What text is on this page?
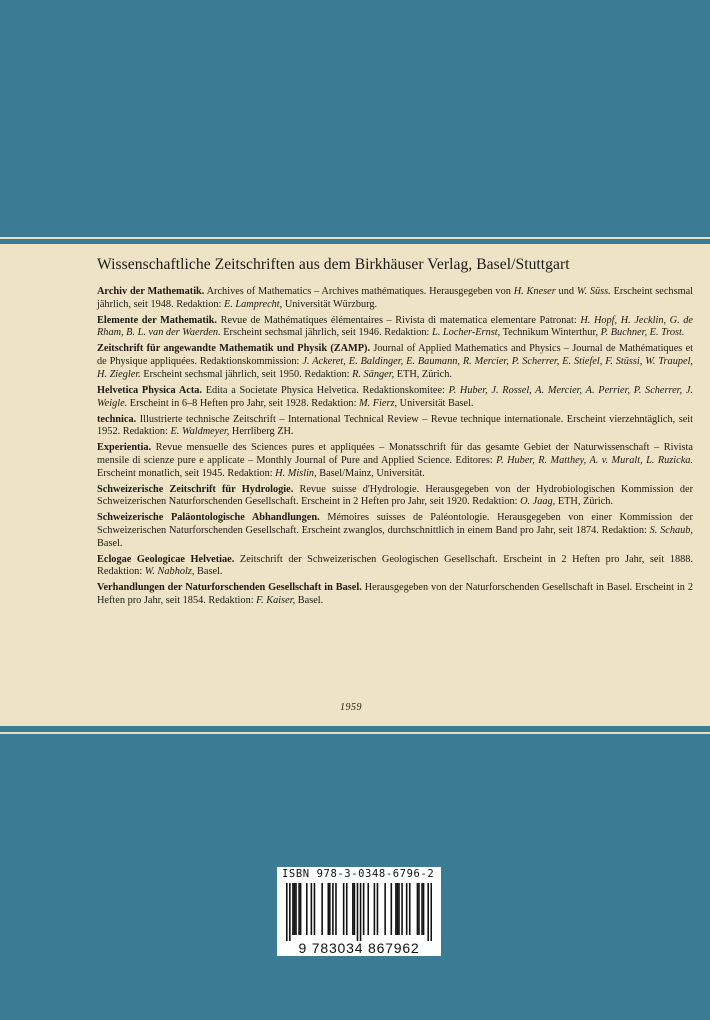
Wissenschaftliche Zeitschriften aus dem Birkhäuser Verlag, Basel/Stuttgart

Archiv der Mathematik. Archives of Mathematics – Archives mathématiques. Herausgegeben von H. Kneser und W. Süss. Erscheint sechsmal jährlich, seit 1948. Redaktion: E. Lamprecht, Universität Würzburg.

Elemente der Mathematik. Revue de Mathématiques élémentaires – Rivista di matematica elementare Patronat: H. Hopf, H. Jecklin, G. de Rham, B. L. van der Waerden. Erscheint sechsmal jährlich, seit 1946. Redaktion: L. Locher-Ernst, Technikum Winterthur, P. Buchner, E. Trost.

Zeitschrift für angewandte Mathematik und Physik (ZAMP). Journal of Applied Mathematics and Physics – Journal de Mathématiques et de Physique appliquées. Redaktionskommission: J. Ackeret, E. Baldinger, E. Baumann, R. Mercier, P. Scherrer, E. Stiefel, F. Stüssi, W. Traupel, H. Ziegler. Erscheint sechsmal jährlich, seit 1950. Redaktion: R. Sänger, ETH, Zürich.

Helvetica Physica Acta. Edita a Societate Physica Helvetica. Redaktionskomitee: P. Huber, J. Rossel, A. Mercier, A. Perrier, P. Scherrer, J. Weigle. Erscheint in 6–8 Heften pro Jahr, seit 1928. Redaktion: M. Fierz, Universität Basel.

technica. Illustrierte technische Zeitschrift – International Technical Review – Revue technique internationale. Erscheint vierzehntäglich, seit 1952. Redaktion: E. Waldmeyer, Herrliberg ZH.

Experientia. Revue mensuelle des Sciences pures et appliquées – Monatsschrift für das gesamte Gebiet der Naturwissenschaft – Rivista mensile di scienze pure e applicate – Monthly Journal of Pure and Applied Science. Editores: P. Huber, R. Matthey, A. v. Muralt, L. Ruzicka. Erscheint monatlich, seit 1945. Redaktion: H. Mislin, Basel/Mainz, Universität.

Schweizerische Zeitschrift für Hydrologie. Revue suisse d'Hydrologie. Herausgegeben von der Hydrobiologischen Kommission der Schweizerischen Naturforschenden Gesellschaft. Erscheint in 2 Heften pro Jahr, seit 1920. Redaktion: O. Jaag, ETH, Zürich.

Schweizerische Paläontologische Abhandlungen. Mémoires suisses de Paléontologie. Herausgegeben von einer Kommission der Schweizerischen Naturforschenden Gesellschaft. Erscheint zwanglos, durchschnittlich in einem Band pro Jahr, seit 1874. Redaktion: S. Schaub, Basel.

Eclogae Geologicae Helvetiae. Zeitschrift der Schweizerischen Geologischen Gesellschaft. Erscheint in 2 Heften pro Jahr, seit 1888. Redaktion: W. Nabholz, Basel.

Verhandlungen der Naturforschenden Gesellschaft in Basel. Herausgegeben von der Naturforschenden Gesellschaft in Basel. Erscheint in 2 Heften pro Jahr, seit 1854. Redaktion: F. Kaiser, Basel.

1959
ISBN 978-3-0348-6796-2
9 783034 867962
